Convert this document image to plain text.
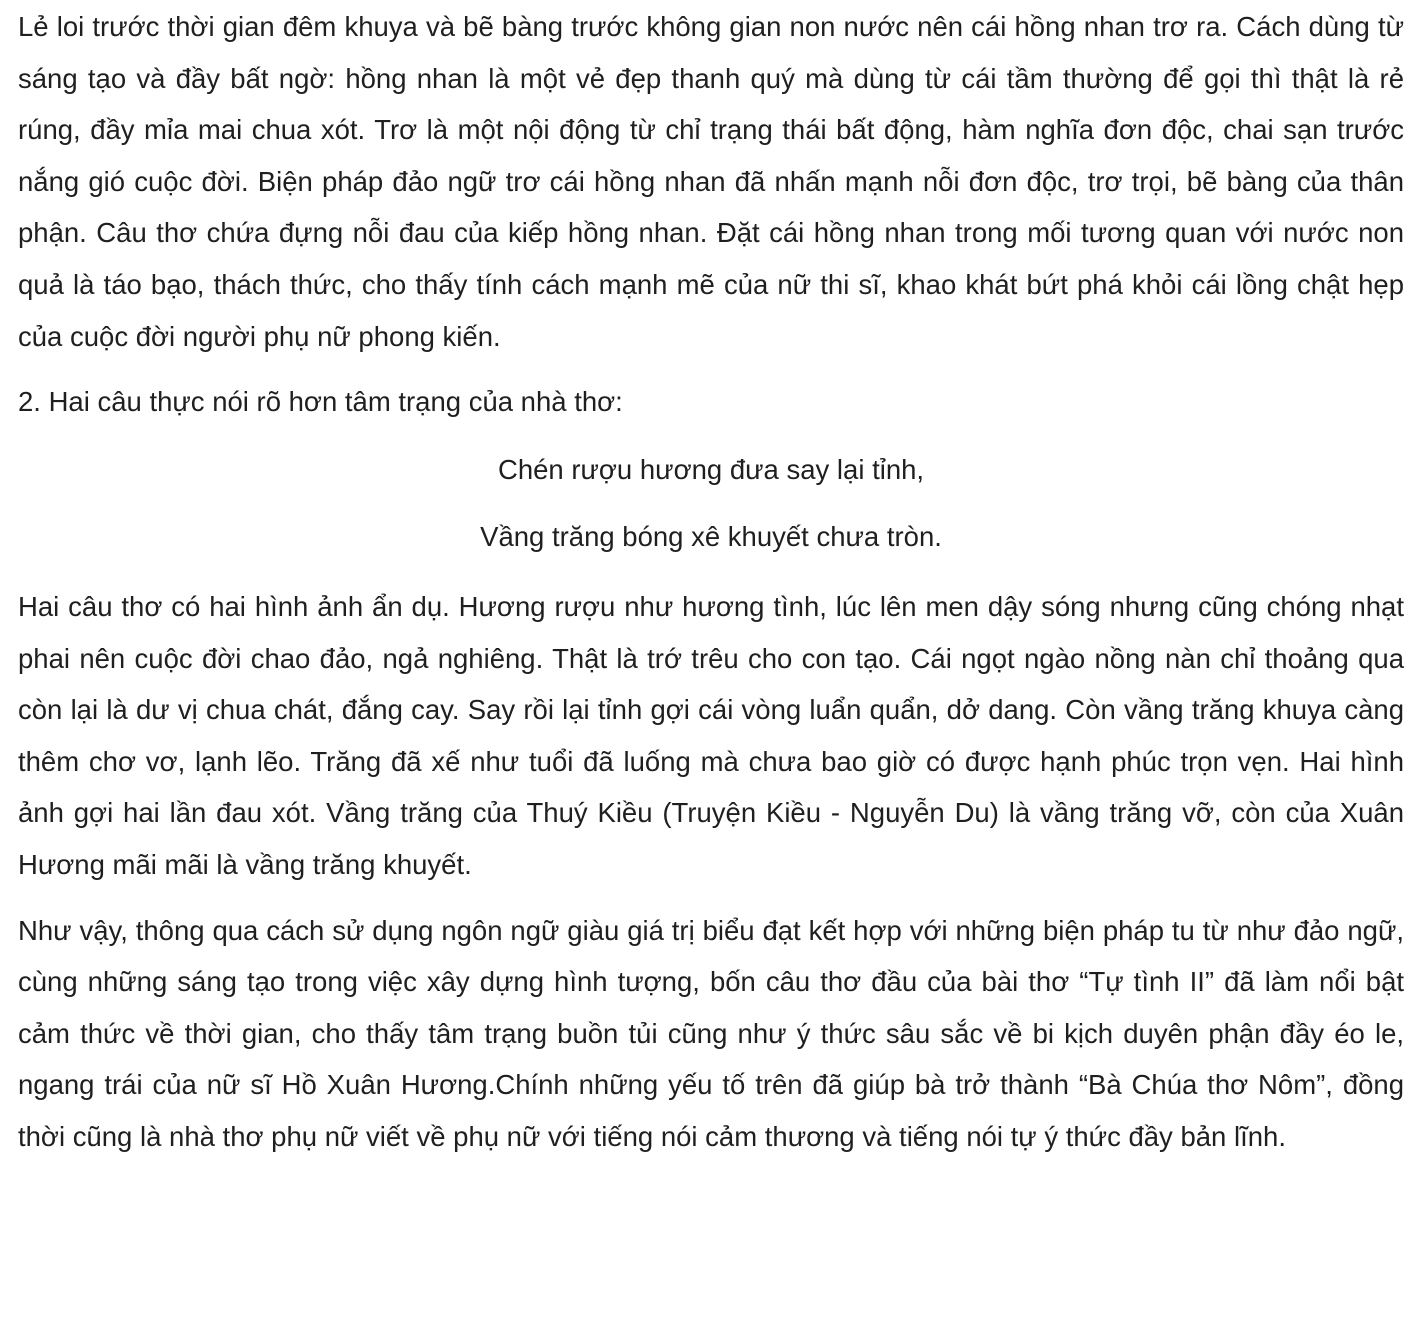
Lẻ loi trước thời gian đêm khuya và bẽ bàng trước không gian non nước nên cái hồng nhan trơ ra. Cách dùng từ sáng tạo và đầy bất ngờ: hồng nhan là một vẻ đẹp thanh quý mà dùng từ cái tầm thường để gọi thì thật là rẻ rúng, đầy mỉa mai chua xót. Trơ là một nội động từ chỉ trạng thái bất động, hàm nghĩa đơn độc, chai sạn trước nắng gió cuộc đời. Biện pháp đảo ngữ trơ cái hồng nhan đã nhấn mạnh nỗi đơn độc, trơ trọi, bẽ bàng của thân phận. Câu thơ chứa đựng nỗi đau của kiếp hồng nhan. Đặt cái hồng nhan trong mối tương quan với nước non quả là táo bạo, thách thức, cho thấy tính cách mạnh mẽ của nữ thi sĩ, khao khát bứt phá khỏi cái lồng chật hẹp của cuộc đời người phụ nữ phong kiến.

2. Hai câu thực nói rõ hơn tâm trạng của nhà thơ:

Chén rượu hương đưa say lại tỉnh,

Vầng trăng bóng xê khuyết chưa tròn.

Hai câu thơ có hai hình ảnh ẩn dụ. Hương rượu như hương tình, lúc lên men dậy sóng nhưng cũng chóng nhạt phai nên cuộc đời chao đảo, ngả nghiêng. Thật là trớ trêu cho con tạo. Cái ngọt ngào nồng nàn chỉ thoảng qua còn lại là dư vị chua chát, đắng cay. Say rồi lại tỉnh gợi cái vòng luẩn quẩn, dở dang. Còn vầng trăng khuya càng thêm chơ vơ, lạnh lẽo. Trăng đã xế như tuổi đã luống mà chưa bao giờ có được hạnh phúc trọn vẹn. Hai hình ảnh gợi hai lần đau xót. Vầng trăng của Thuý Kiều (Truyện Kiều - Nguyễn Du) là vầng trăng vỡ, còn của Xuân Hương mãi mãi là vầng trăng khuyết.

Như vậy, thông qua cách sử dụng ngôn ngữ giàu giá trị biểu đạt kết hợp với những biện pháp tu từ như đảo ngữ, cùng những sáng tạo trong việc xây dựng hình tượng, bốn câu thơ đầu của bài thơ “Tự tình II” đã làm nổi bật cảm thức về thời gian, cho thấy tâm trạng buồn tủi cũng như ý thức sâu sắc về bi kịch duyên phận đầy éo le, ngang trái của nữ sĩ Hồ Xuân Hương.Chính những yếu tố trên đã giúp bà trở thành “Bà Chúa thơ Nôm”, đồng thời cũng là nhà thơ phụ nữ viết về phụ nữ với tiếng nói cảm thương và tiếng nói tự ý thức đầy bản lĩnh.
